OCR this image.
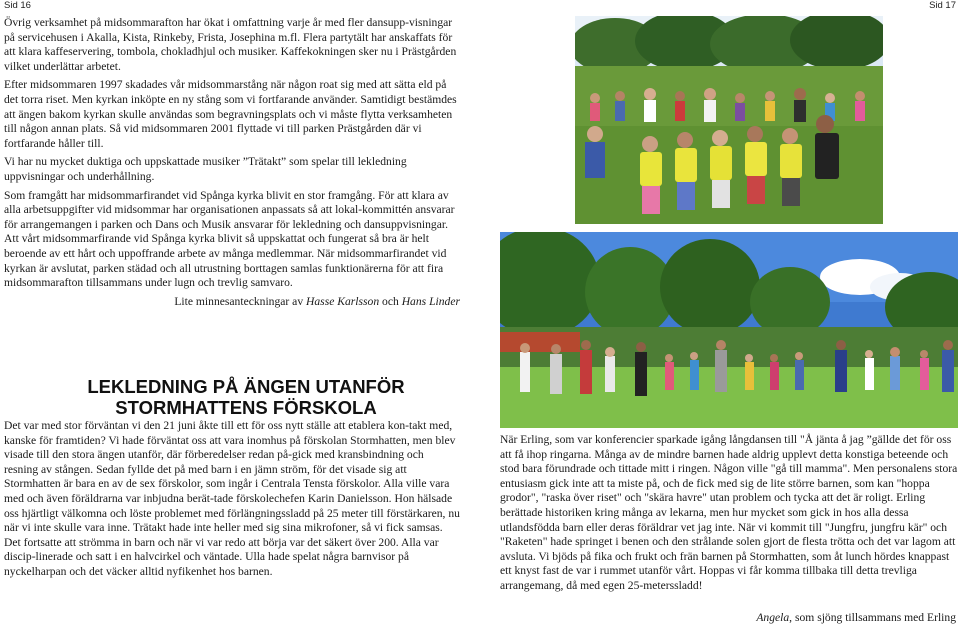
Sid 16	Sid 17

Övrig verksamhet på midsommarafton har ökat i omfattning varje år med fler dansupp-visningar på servicehusen i Akalla, Kista, Rinkeby, Frista, Josephina m.fl. Flera partytält har anskaffats för att klara kaffeservering, tombola, chokladhjul och musiker. Kaffekokningen sker nu i Prästgården vilket underlättar arbetet.

Efter midsommaren 1997 skadades vår midsommarstång när någon roat sig med att sätta eld på det torra riset. Men kyrkan inköpte en ny stång som vi fortfarande använder. Samtidigt bestämdes att ängen bakom kyrkan skulle användas som begravningsplats och vi måste flytta verksamheten till någon annan plats. Så vid midsommaren 2001 flyttade vi till parken Prästgården där vi fortfarande håller till.

Vi har nu mycket duktiga och uppskattade musiker ”Trätakt” som spelar till lekledning uppvisningar och underhållning.

Som framgått har midsommarfirandet vid Spånga kyrka blivit en stor framgång. För att klara av alla arbetsuppgifter vid midsommar har organisationen anpassats så att lokal-kommittén ansvarar för arrangemangen i parken och Dans och Musik ansvarar för lekledning och dansuppvisningar. Att vårt midsommarfirande vid Spånga kyrka blivit så uppskattat och fungerat så bra är helt beroende av ett hårt och uppoffrande arbete av många medlemmar. När midsommarfirandet vid kyrkan är avslutat, parken städad och all utrustning borttagen samlas funktionärerna för att fira midsommarafton tillsammans under lugn och trevlig samvaro.

Lite minnesanteckningar av Hasse Karlsson och Hans Linder

LEKLEDNING PÅ ÄNGEN UTANFÖR
STORMHATTENS FÖRSKOLA
Det var med stor förväntan vi den 21 juni åkte till ett för oss nytt ställe att etablera kon-takt med, kanske för framtiden? Vi hade förväntat oss att vara inomhus på förskolan Stormhatten, men blev visade till den stora ängen utanför, där förberedelser redan på-gick med kransbindning och resning av stången. Sedan fyllde det på med barn i en jämn ström, för det visade sig att Stormhatten är bara en av de sex förskolor, som ingår i Centrala Tensta förskolor. Alla ville vara med och även föräldrarna var inbjudna berät-tade förskolechefen Karin Danielsson. Hon hälsade oss hjärtligt välkomna och löste problemet med förlängningssladd på 25 meter till förstärkaren, nu när vi inte skulle vara inne. Trätakt hade inte heller med sig sina mikrofoner, så vi fick samsas. Det fortsatte att strömma in barn och när vi var redo att börja var det säkert över 200. Alla var discip-linerade och satt i en halvcirkel och väntade. Ulla hade spelat några barnvisor på nyckelharpan och det väcker alltid nyfikenhet hos barnen.
När Erling, som var konferencier sparkade igång långdansen till "Å jänta å jag ”gällde det för oss att få ihop ringarna. Många av de mindre barnen hade aldrig upplevt detta konstiga beteende och stod bara förundrade och tittade mitt i ringen. Någon ville "gå till mamma". Men personalens stora entusiasm gick inte att ta miste på, och de fick med sig de lite större barnen, som kan "hoppa grodor", "raska över riset" och "skära havre" utan problem och tycka att det är roligt. Erling berättade historiken kring många av lekarna, men hur mycket som gick in hos alla dessa utlandsfödda barn eller deras föräldrar vet jag inte. När vi kommit till "Jungfru, jungfru kär" och "Raketen" hade springet i benen och den strålande solen gjort de flesta trötta och det var lagom att avsluta. Vi bjöds på fika och frukt och frän barnen på Stormhatten, som åt lunch hördes knappast ett knyst fast de var i rummet utanför vårt. Hoppas vi får komma tillbaka till detta trevliga arrangemang, då med egen 25-meterssladd!
Angela, som sjöng tillsammans med Erling
